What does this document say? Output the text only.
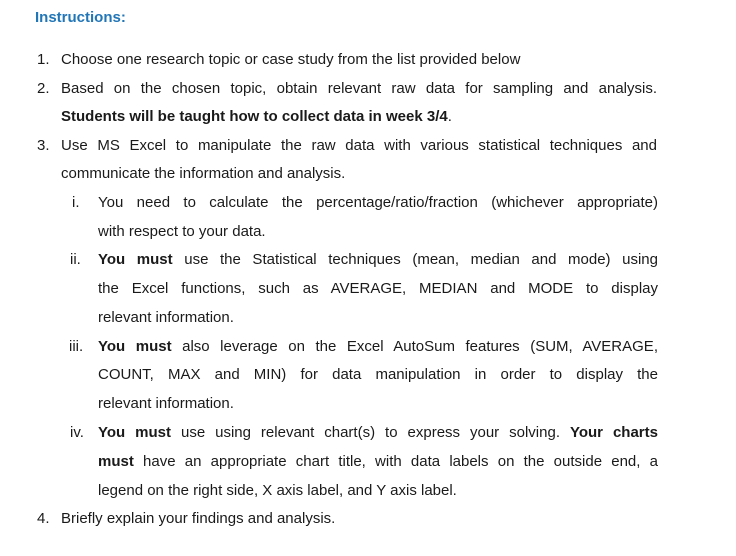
Instructions:
1. Choose one research topic or case study from the list provided below
2. Based on the chosen topic, obtain relevant raw data for sampling and analysis.
Students will be taught how to collect data in week 3/4.
3. Use MS Excel to manipulate the raw data with various statistical techniques and
communicate the information and analysis.
i. You need to calculate the percentage/ratio/fraction (whichever appropriate)
with respect to your data.
ii. You must use the Statistical techniques (mean, median and mode) using
the Excel functions, such as AVERAGE, MEDIAN and MODE to display
relevant information.
iii. You must also leverage on the Excel AutoSum features (SUM, AVERAGE,
COUNT, MAX and MIN) for data manipulation in order to display the
relevant information.
iv. You must use using relevant chart(s) to express your solving. Your charts
must have an appropriate chart title, with data labels on the outside end, a
legend on the right side, X axis label, and Y axis label.
4. Briefly explain your findings and analysis.
